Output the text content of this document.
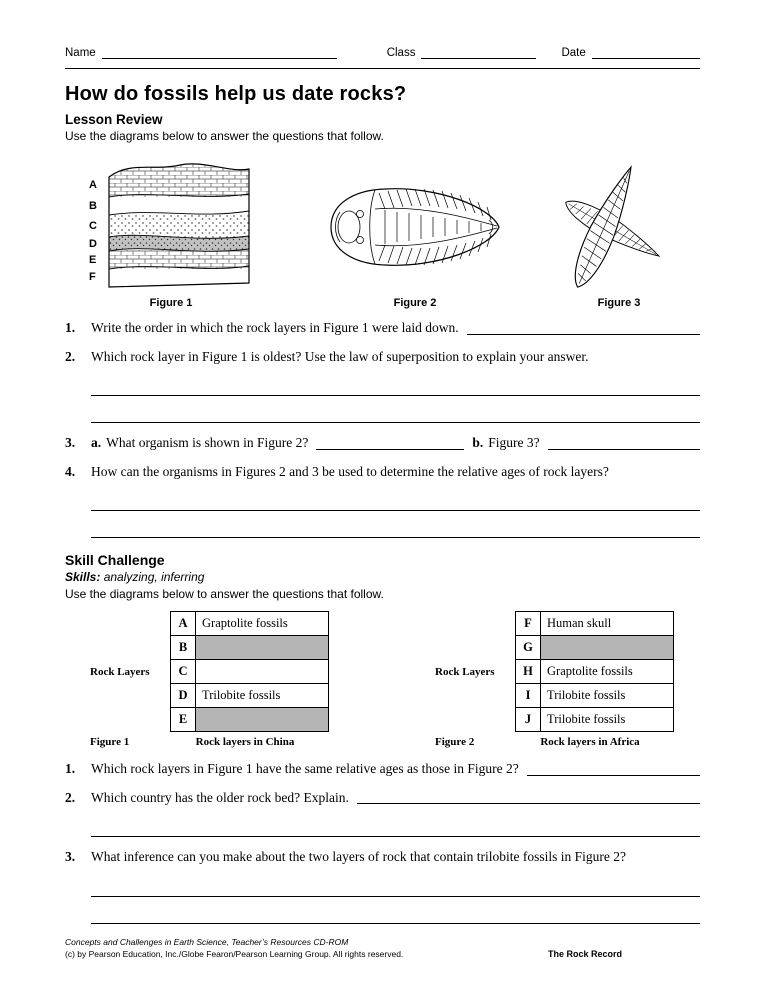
Name	Class	Date
How do fossils help us date rocks?
Lesson Review
Use the diagrams below to answer the questions that follow.
A
B
C
D
E
F
Figure 1	Figure 2	Figure 3
1.	Write the order in which the rock layers in Figure 1 were laid down.
2.	Which rock layer in Figure 1 is oldest? Use the law of superposition to explain your answer.
3.	a. What organism is shown in Figure 2?	b. Figure 3?
4.	How can the organisms in Figures 2 and 3 be used to determine the relative ages of rock layers?
Skill Challenge
Skills: analyzing, inferring
Use the diagrams below to answer the questions that follow.
Rock Layers
A	Graptolite fossils
B	
C	
D	Trilobite fossils
E	
Figure 1	Rock layers in China
Rock Layers
F	Human skull
G	
H	Graptolite fossils
I	Trilobite fossils
J	Trilobite fossils
Figure 2	Rock layers in Africa
1.	Which rock layers in Figure 1 have the same relative ages as those in Figure 2?
2.	Which country has the older rock bed? Explain.
3.	What inference can you make about the two layers of rock that contain trilobite fossils in Figure 2?
Concepts and Challenges in Earth Science, Teacher’s Resources CD-ROM
(c) by Pearson Education, Inc./Globe Fearon/Pearson Learning Group. All rights reserved.	The Rock Record
